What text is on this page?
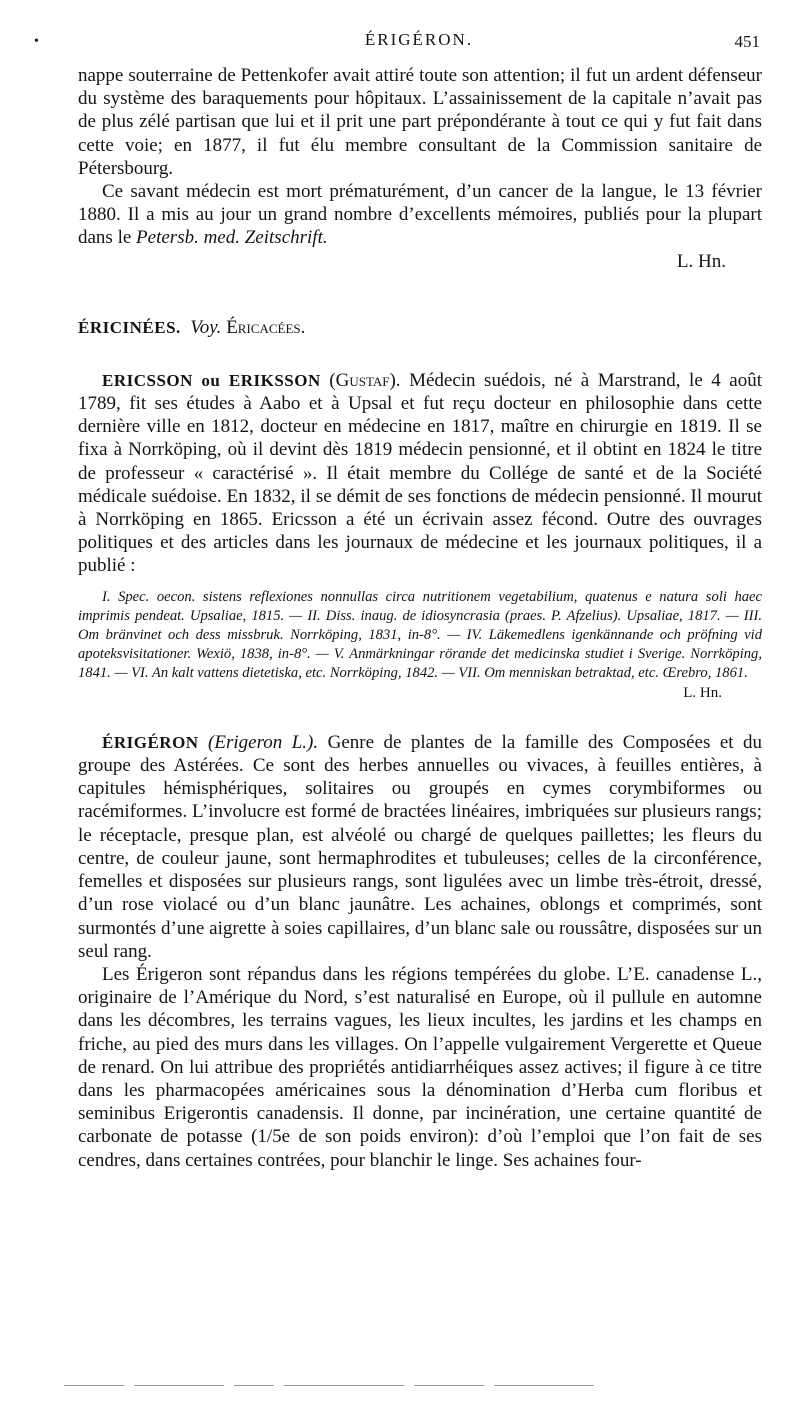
•	ÉRIGÉRON.	451

nappe souterraine de Pettenkofer avait attiré toute son attention; il fut un ardent défenseur du système des baraquements pour hôpitaux. L’assainissement de la capitale n’avait pas de plus zélé partisan que lui et il prit une part prépondérante à tout ce qui y fut fait dans cette voie; en 1877, il fut élu membre consultant de la Commission sanitaire de Pétersbourg.

Ce savant médecin est mort prématurément, d’un cancer de la langue, le 13 février 1880. Il a mis au jour un grand nombre d’excellents mémoires, publiés pour la plupart dans le Petersb. med. Zeitschrift.
L. Hn.

ÉRICINÉES. Voy. Éricacées.

ERICSSON ou ERIKSSON (Gustaf). Médecin suédois, né à Marstrand, le 4 août 1789, fit ses études à Aabo et à Upsal et fut reçu docteur en philosophie dans cette dernière ville en 1812, docteur en médecine en 1817, maître en chirurgie en 1819. Il se fixa à Norrköping, où il devint dès 1819 médecin pensionné, et il obtint en 1824 le titre de professeur « caractérisé ». Il était membre du Collége de santé et de la Société médicale suédoise. En 1832, il se démit de ses fonctions de médecin pensionné. Il mourut à Norrköping en 1865. Ericsson a été un écrivain assez fécond. Outre des ouvrages politiques et des articles dans les journaux de médecine et les journaux politiques, il a publié :

I. Spec. oecon. sistens reflexiones nonnullas circa nutritionem vegetabilium, quatenus e natura soli haec imprimis pendeat. Upsaliae, 1815. — II. Diss. inaug. de idiosyncrasia (praes. P. Afzelius). Upsaliae, 1817. — III. Om bränvinet och dess missbruk. Norrköping, 1831, in-8°. — IV. Läkemedlens igenkännande och pröfning vid apoteksvisitationer. Wexiö, 1838, in-8°. — V. Anmärkningar rörande det medicinska studiet i Sverige. Norrköping, 1841. — VI. An kalt vattens dietetiska, etc. Norrköping, 1842. — VII. Om menniskan betraktad, etc. Œrebro, 1861.
L. Hn.

ÉRIGÉRON (Erigeron L.). Genre de plantes de la famille des Composées et du groupe des Astérées. Ce sont des herbes annuelles ou vivaces, à feuilles entières, à capitules hémisphériques, solitaires ou groupés en cymes corymbiformes ou racémiformes. L’involucre est formé de bractées linéaires, imbriquées sur plusieurs rangs; le réceptacle, presque plan, est alvéolé ou chargé de quelques paillettes; les fleurs du centre, de couleur jaune, sont hermaphrodites et tubuleuses; celles de la circonférence, femelles et disposées sur plusieurs rangs, sont ligulées avec un limbe très-étroit, dressé, d’un rose violacé ou d’un blanc jaunâtre. Les achaines, oblongs et comprimés, sont surmontés d’une aigrette à soies capillaires, d’un blanc sale ou roussâtre, disposées sur un seul rang.

Les Érigeron sont répandus dans les régions tempérées du globe. L’E. canadense L., originaire de l’Amérique du Nord, s’est naturalisé en Europe, où il pullule en automne dans les décombres, les terrains vagues, les lieux incultes, les jardins et les champs en friche, au pied des murs dans les villages. On l’appelle vulgairement Vergerette et Queue de renard. On lui attribue des propriétés antidiarrhéiques assez actives; il figure à ce titre dans les pharmacopées américaines sous la dénomination d’Herba cum floribus et seminibus Erigerontis canadensis. Il donne, par incinération, une certaine quantité de carbonate de potasse (1/5e de son poids environ): d’où l’emploi que l’on fait de ses cendres, dans certaines contrées, pour blanchir le linge. Ses achaines four-
